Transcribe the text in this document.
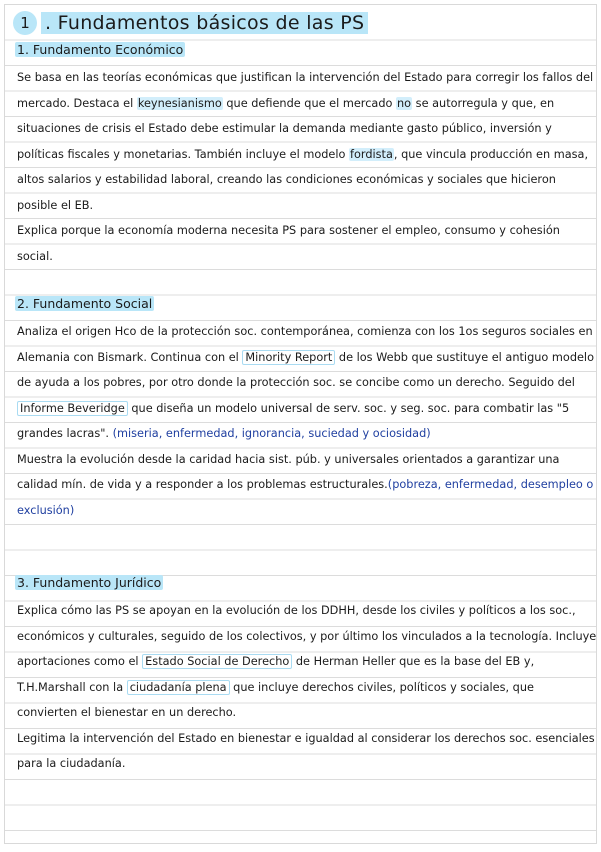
1 . Fundamentos básicos de las PS
1. Fundamento Económico
Se basa en las teorías económicas que justifican la intervención del Estado para corregir los fallos del mercado. Destaca el keynesianismo que defiende que el mercado no se autorregula y que, en situaciones de crisis el Estado debe estimular la demanda mediante gasto público, inversión y políticas fiscales y monetarias. También incluye el modelo fordista, que vincula producción en masa, altos salarios y estabilidad laboral, creando las condiciones económicas y sociales que hicieron posible el EB.
Explica porque la economía moderna necesita PS para sostener el empleo, consumo y cohesión social.
2. Fundamento Social
Analiza el origen Hco de la protección soc. contemporánea, comienza con los 1os seguros sociales en Alemania con Bismark. Continua con el Minority Report de los Webb que sustituye el antiguo modelo de ayuda a los pobres, por otro donde la protección soc. se concibe como un derecho. Seguido del Informe Beveridge que diseña un modelo universal de serv. soc. y seg. soc. para combatir las "5 grandes lacras". (miseria, enfermedad, ignorancia, suciedad y ociosidad)
Muestra la evolución desde la caridad hacia sist. púb. y universales orientados a garantizar una calidad mín. de vida y a responder a los problemas estructurales.(pobreza, enfermedad, desempleo o exclusión)
3. Fundamento Jurídico
Explica cómo las PS se apoyan en la evolución de los DDHH, desde los civiles y políticos a los soc., económicos y culturales, seguido de los colectivos, y por último los vinculados a la tecnología. Incluye aportaciones como el Estado Social de Derecho de Herman Heller que es la base del EB y, T.H.Marshall con la ciudadanía plena que incluye derechos civiles, políticos y sociales, que convierten el bienestar en un derecho.
Legitima la intervención del Estado en bienestar e igualdad al considerar los derechos soc. esenciales para la ciudadanía.
